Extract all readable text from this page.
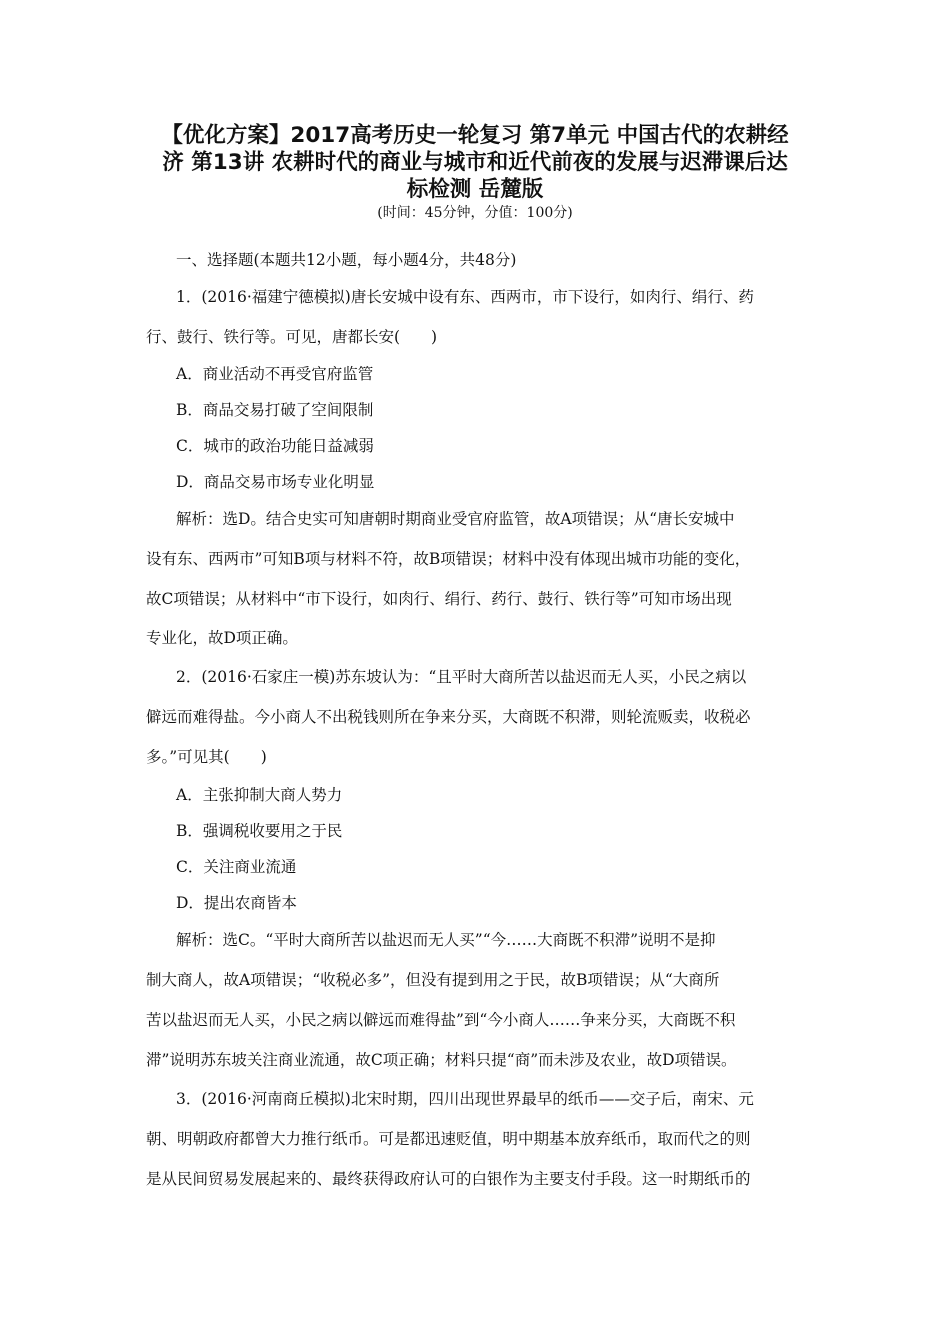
【优化方案】2017高考历史一轮复习 第7单元 中国古代的农耕经
济 第13讲 农耕时代的商业与城市和近代前夜的发展与迟滞课后达
标检测 岳麓版
(时间：45分钟，分值：100分)
一、选择题(本题共12小题，每小题4分，共48分)
1．(2016·福建宁德模拟)唐长安城中设有东、西两市，市下设行，如肉行、绢行、药
行、鼓行、铁行等。可见，唐都长安(　　)
A．商业活动不再受官府监管
B．商品交易打破了空间限制
C．城市的政治功能日益减弱
D．商品交易市场专业化明显
解析：选D。结合史实可知唐朝时期商业受官府监管，故A项错误；从“唐长安城中
设有东、西两市”可知B项与材料不符，故B项错误；材料中没有体现出城市功能的变化，
故C项错误；从材料中“市下设行，如肉行、绢行、药行、鼓行、铁行等”可知市场出现
专业化，故D项正确。
2．(2016·石家庄一模)苏东坡认为：“且平时大商所苦以盐迟而无人买，小民之病以
僻远而难得盐。今小商人不出税钱则所在争来分买，大商既不积滞，则轮流贩卖，收税必
多。”可见其(　　)
A．主张抑制大商人势力
B．强调税收要用之于民
C．关注商业流通
D．提出农商皆本
解析：选C。“平时大商所苦以盐迟而无人买”“今……大商既不积滞”说明不是抑
制大商人，故A项错误；“收税必多”，但没有提到用之于民，故B项错误；从“大商所
苦以盐迟而无人买，小民之病以僻远而难得盐”到“今小商人……争来分买，大商既不积
滞”说明苏东坡关注商业流通，故C项正确；材料只提“商”而未涉及农业，故D项错误。
3．(2016·河南商丘模拟)北宋时期，四川出现世界最早的纸币——交子后，南宋、元
朝、明朝政府都曾大力推行纸币。可是都迅速贬值，明中期基本放弃纸币，取而代之的则
是从民间贸易发展起来的、最终获得政府认可的白银作为主要支付手段。这一时期纸币的
